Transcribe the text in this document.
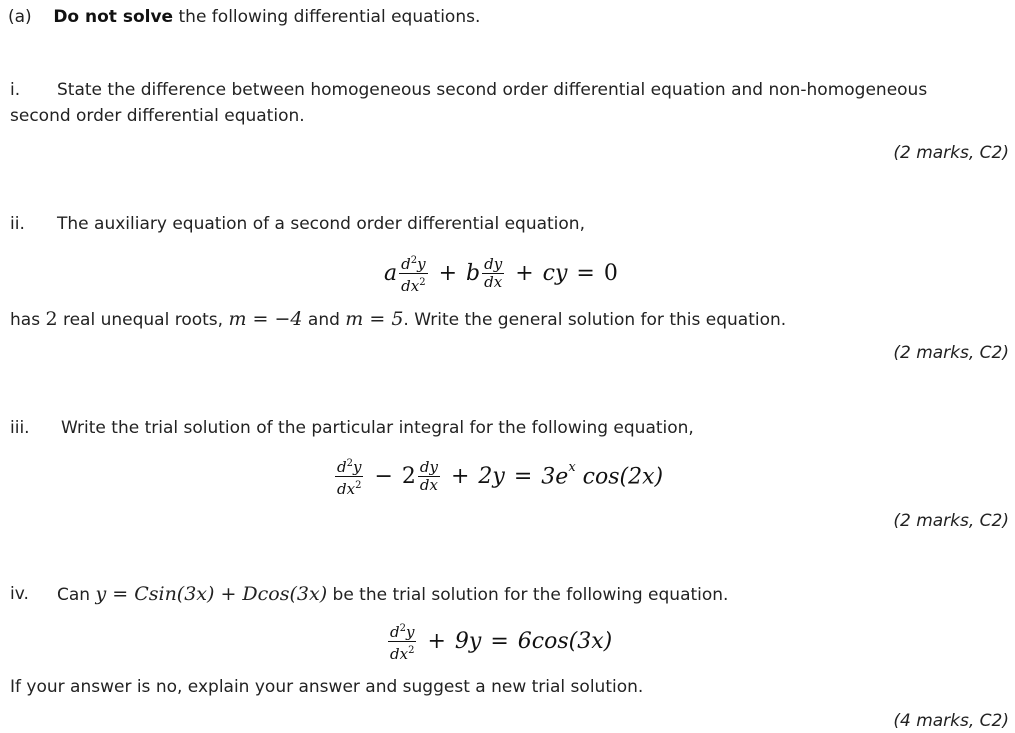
(a) Do not solve the following differential equations.
i. State the difference between homogeneous second order differential equation and non-homogeneous
second order differential equation.
(2 marks, C2)
ii. The auxiliary equation of a second order differential equation,
a $\frac{d^2y}{dx^2} + b \frac{dy}{dx}$ + cy = 0
has 2 real unequal roots, m = −4 and m = 5. Write the general solution for this equation.
(2 marks, C2)
iii. Write the trial solution of the particular integral for the following equation,
$\frac{d^2y}{dx^2} - 2 \frac{dy}{dx} + 2y = 3e^x$ cos(2x)
(2 marks, C2)
iv. Can y = Csin(3x) + Dcos(3x) be the trial solution for the following equation.
$\frac{d^2y}{dx^2} + 9y = 6\cos(3x)$
If your answer is no, explain your answer and suggest a new trial solution.
(4 marks, C2)
